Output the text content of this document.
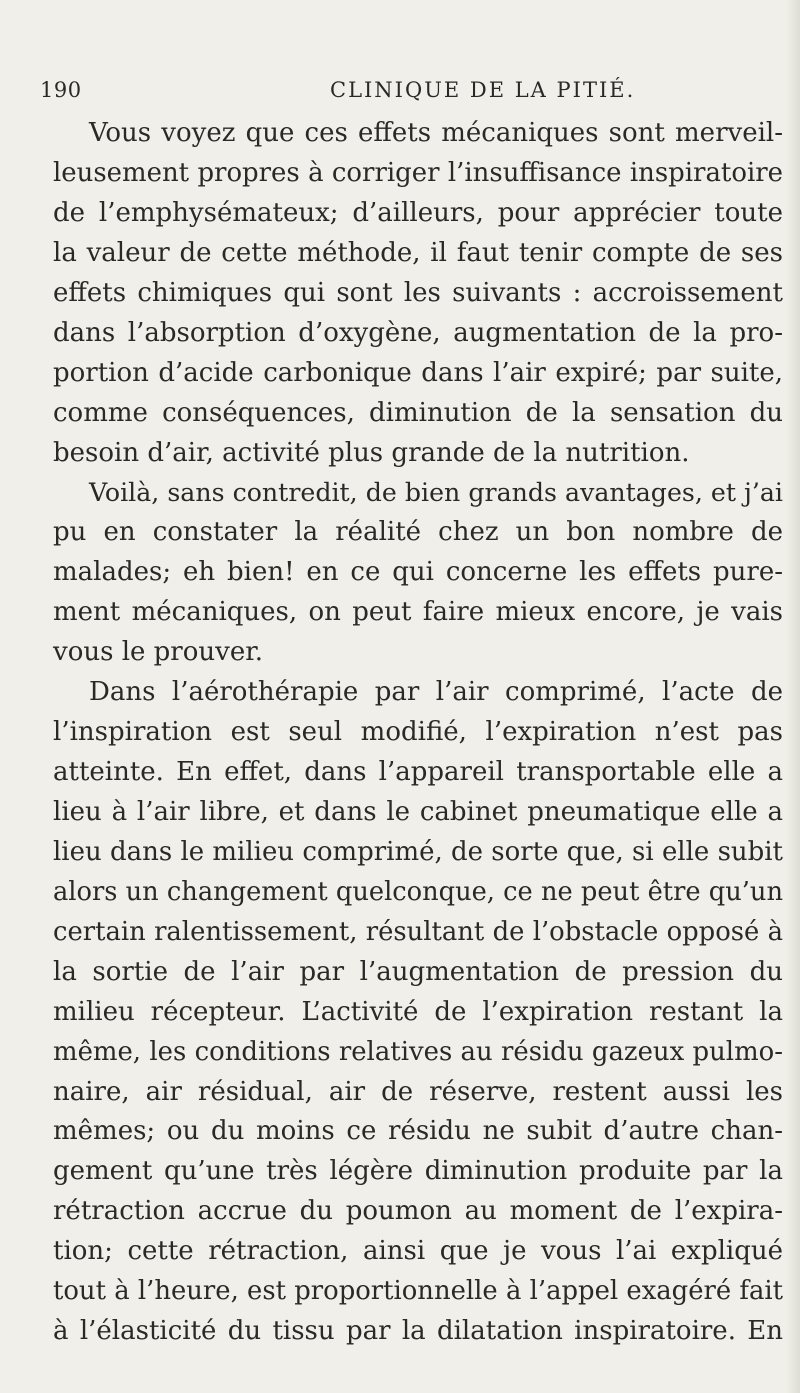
190	CLINIQUE DE LA PITIÉ.
Vous voyez que ces effets mécaniques sont merveil-
leusement propres à corriger l’insuffisance inspiratoire
de l’emphysémateux; d’ailleurs, pour apprécier toute
la valeur de cette méthode, il faut tenir compte de ses
effets chimiques qui sont les suivants : accroissement
dans l’absorption d’oxygène, augmentation de la pro-
portion d’acide carbonique dans l’air expiré; par suite,
comme conséquences, diminution de la sensation du
besoin d’air, activité plus grande de la nutrition.
Voilà, sans contredit, de bien grands avantages, et j’ai
pu en constater la réalité chez un bon nombre de
malades; eh bien! en ce qui concerne les effets pure-
ment mécaniques, on peut faire mieux encore, je vais
vous le prouver.
Dans l’aérothérapie par l’air comprimé, l’acte de
l’inspiration est seul modifié, l’expiration n’est pas
atteinte. En effet, dans l’appareil transportable elle a
lieu à l’air libre, et dans le cabinet pneumatique elle a
lieu dans le milieu comprimé, de sorte que, si elle subit
alors un changement quelconque, ce ne peut être qu’un
certain ralentissement, résultant de l’obstacle opposé à
la sortie de l’air par l’augmentation de pression du
milieu récepteur. L’activité de l’expiration restant la
même, les conditions relatives au résidu gazeux pulmo-
naire, air résidual, air de réserve, restent aussi les
mêmes; ou du moins ce résidu ne subit d’autre chan-
gement qu’une très légère diminution produite par la
rétraction accrue du poumon au moment de l’expira-
tion; cette rétraction, ainsi que je vous l’ai expliqué
tout à l’heure, est proportionnelle à l’appel exagéré fait
à l’élasticité du tissu par la dilatation inspiratoire. En
